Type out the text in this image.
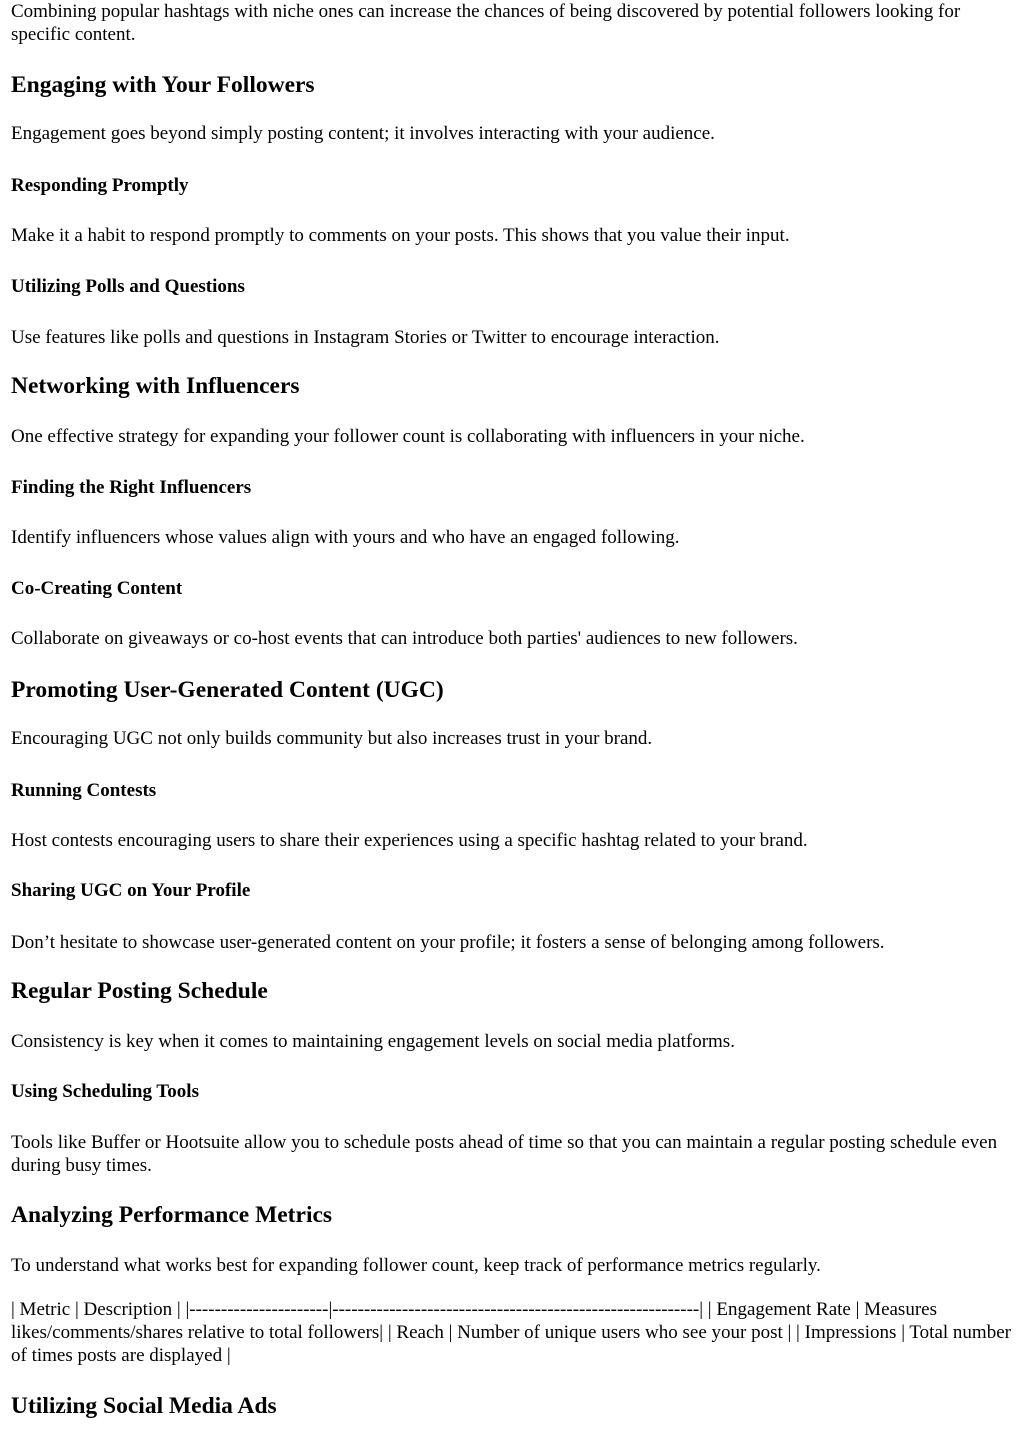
Combining popular hashtags with niche ones can increase the chances of being discovered by potential followers looking for specific content.

Engaging with Your Followers

Engagement goes beyond simply posting content; it involves interacting with your audience.

Responding Promptly

Make it a habit to respond promptly to comments on your posts. This shows that you value their input.

Utilizing Polls and Questions

Use features like polls and questions in Instagram Stories or Twitter to encourage interaction.

Networking with Influencers

One effective strategy for expanding your follower count is collaborating with influencers in your niche.

Finding the Right Influencers

Identify influencers whose values align with yours and who have an engaged following.

Co-Creating Content

Collaborate on giveaways or co-host events that can introduce both parties' audiences to new followers.

Promoting User-Generated Content (UGC)

Encouraging UGC not only builds community but also increases trust in your brand.

Running Contests

Host contests encouraging users to share their experiences using a specific hashtag related to your brand.

Sharing UGC on Your Profile

Don’t hesitate to showcase user-generated content on your profile; it fosters a sense of belonging among followers.

Regular Posting Schedule

Consistency is key when it comes to maintaining engagement levels on social media platforms.

Using Scheduling Tools

Tools like Buffer or Hootsuite allow you to schedule posts ahead of time so that you can maintain a regular posting schedule even during busy times.

Analyzing Performance Metrics

To understand what works best for expanding follower count, keep track of performance metrics regularly.

| Metric | Description | |----------------------|----------------------------------------------------------| | Engagement Rate | Measures likes/comments/shares relative to total followers| | Reach | Number of unique users who see your post | | Impressions | Total number of times posts are displayed |

Utilizing Social Media Ads
